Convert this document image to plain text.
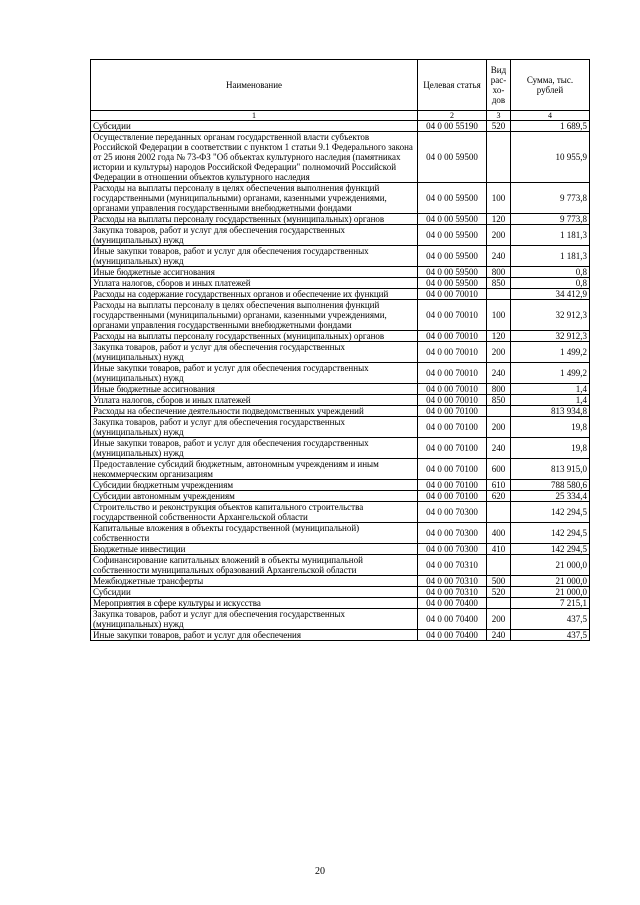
Наименование	Целевая статья	Вид рас-хо-дов	Сумма, тыс. рублей
1	2	3	4
Субсидии	04 0 00 55190	520	1 689,5
Осуществление переданных органам государственной власти субъектов Российской Федерации в соответствии с пунктом 1 статьи 9.1 Федерального закона от 25 июня 2002 года № 73-ФЗ "Об объектах культурного наследия (памятниках истории и культуры) народов Российской Федерации" полномочий Российской Федерации в отношении объектов культурного наследия	04 0 00 59500		10 955,9
Расходы на выплаты персоналу в целях обеспечения выполнения функций государственными (муниципальными) органами, казенными учреждениями, органами управления государственными внебюджетными фондами	04 0 00 59500	100	9 773,8
Расходы на выплаты персоналу государственных (муниципальных) органов	04 0 00 59500	120	9 773,8
Закупка товаров, работ и услуг для обеспечения государственных (муниципальных) нужд	04 0 00 59500	200	1 181,3
Иные закупки товаров, работ и услуг для обеспечения государственных (муниципальных) нужд	04 0 00 59500	240	1 181,3
Иные бюджетные ассигнования	04 0 00 59500	800	0,8
Уплата налогов, сборов и иных платежей	04 0 00 59500	850	0,8
Расходы на содержание государственных органов и обеспечение их функций	04 0 00 70010		34 412,9
Расходы на выплаты персоналу в целях обеспечения выполнения функций государственными (муниципальными) органами, казенными учреждениями, органами управления государственными внебюджетными фондами	04 0 00 70010	100	32 912,3
Расходы на выплаты персоналу государственных (муниципальных) органов	04 0 00 70010	120	32 912,3
Закупка товаров, работ и услуг для обеспечения государственных (муниципальных) нужд	04 0 00 70010	200	1 499,2
Иные закупки товаров, работ и услуг для обеспечения государственных (муниципальных) нужд	04 0 00 70010	240	1 499,2
Иные бюджетные ассигнования	04 0 00 70010	800	1,4
Уплата налогов, сборов и иных платежей	04 0 00 70010	850	1,4
Расходы на обеспечение деятельности подведомственных учреждений	04 0 00 70100		813 934,8
Закупка товаров, работ и услуг для обеспечения государственных (муниципальных) нужд	04 0 00 70100	200	19,8
Иные закупки товаров, работ и услуг для обеспечения государственных (муниципальных) нужд	04 0 00 70100	240	19,8
Предоставление субсидий бюджетным, автономным учреждениям и иным некоммерческим организациям	04 0 00 70100	600	813 915,0
Субсидии бюджетным учреждениям	04 0 00 70100	610	788 580,6
Субсидии автономным учреждениям	04 0 00 70100	620	25 334,4
Строительство и реконструкция объектов капитального строительства государственной собственности Архангельской области	04 0 00 70300		142 294,5
Капитальные вложения в объекты государственной (муниципальной) собственности	04 0 00 70300	400	142 294,5
Бюджетные инвестиции	04 0 00 70300	410	142 294,5
Софинансирование капитальных вложений в объекты муниципальной собственности муниципальных образований Архангельской области	04 0 00 70310		21 000,0
Межбюджетные трансферты	04 0 00 70310	500	21 000,0
Субсидии	04 0 00 70310	520	21 000,0
Мероприятия в сфере культуры и искусства	04 0 00 70400		7 215,1
Закупка товаров, работ и услуг для обеспечения государственных (муниципальных) нужд	04 0 00 70400	200	437,5
Иные закупки товаров, работ и услуг для обеспечения	04 0 00 70400	240	437,5
20
